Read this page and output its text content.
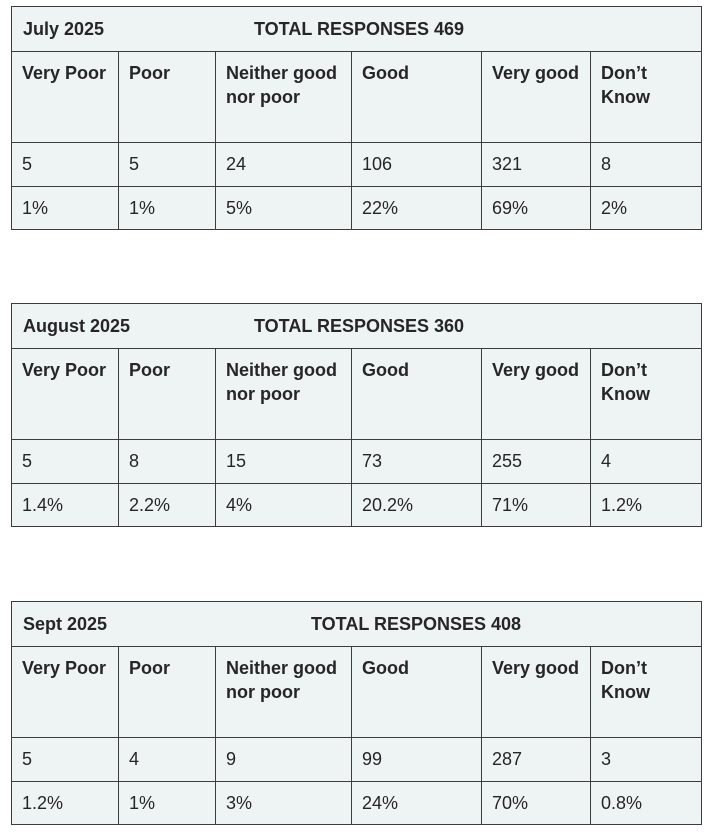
July 2025 TOTAL RESPONSES 469					

Very Poor	Poor	Neither good nor poor	Good	Very good	Don’t Know
5	5	24	106	321	8
1%	1%	5%	22%	69%	2%
August 2025 TOTAL RESPONSES 360					

Very Poor	Poor	Neither good nor poor	Good	Very good	Don’t Know
5	8	15	73	255	4
1.4%	2.2%	4%	20.2%	71%	1.2%
Sept 2025 TOTAL RESPONSES 408					

Very Poor	Poor	Neither good nor poor	Good	Very good	Don’t Know
5	4	9	99	287	3
1.2%	1%	3%	24%	70%	0.8%
